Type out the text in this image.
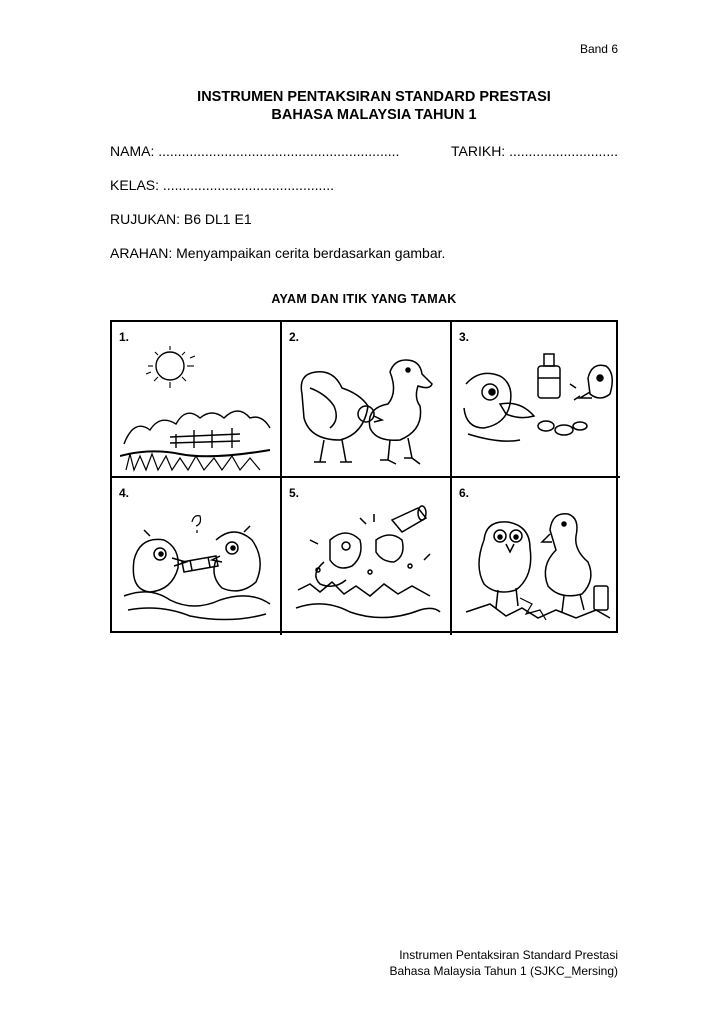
Band 6
INSTRUMEN PENTAKSIRAN STANDARD PRESTASI
BAHASA MALAYSIA TAHUN 1
NAMA: ..............................................................	TARIKH: ............................
KELAS: ............................................
RUJUKAN: B6 DL1 E1
ARAHAN: Menyampaikan cerita berdasarkan gambar.
AYAM DAN ITIK YANG TAMAK
1.	2.	3.
4.	5.	6.
Instrumen Pentaksiran Standard Prestasi
Bahasa Malaysia Tahun 1 (SJKC_Mersing)
